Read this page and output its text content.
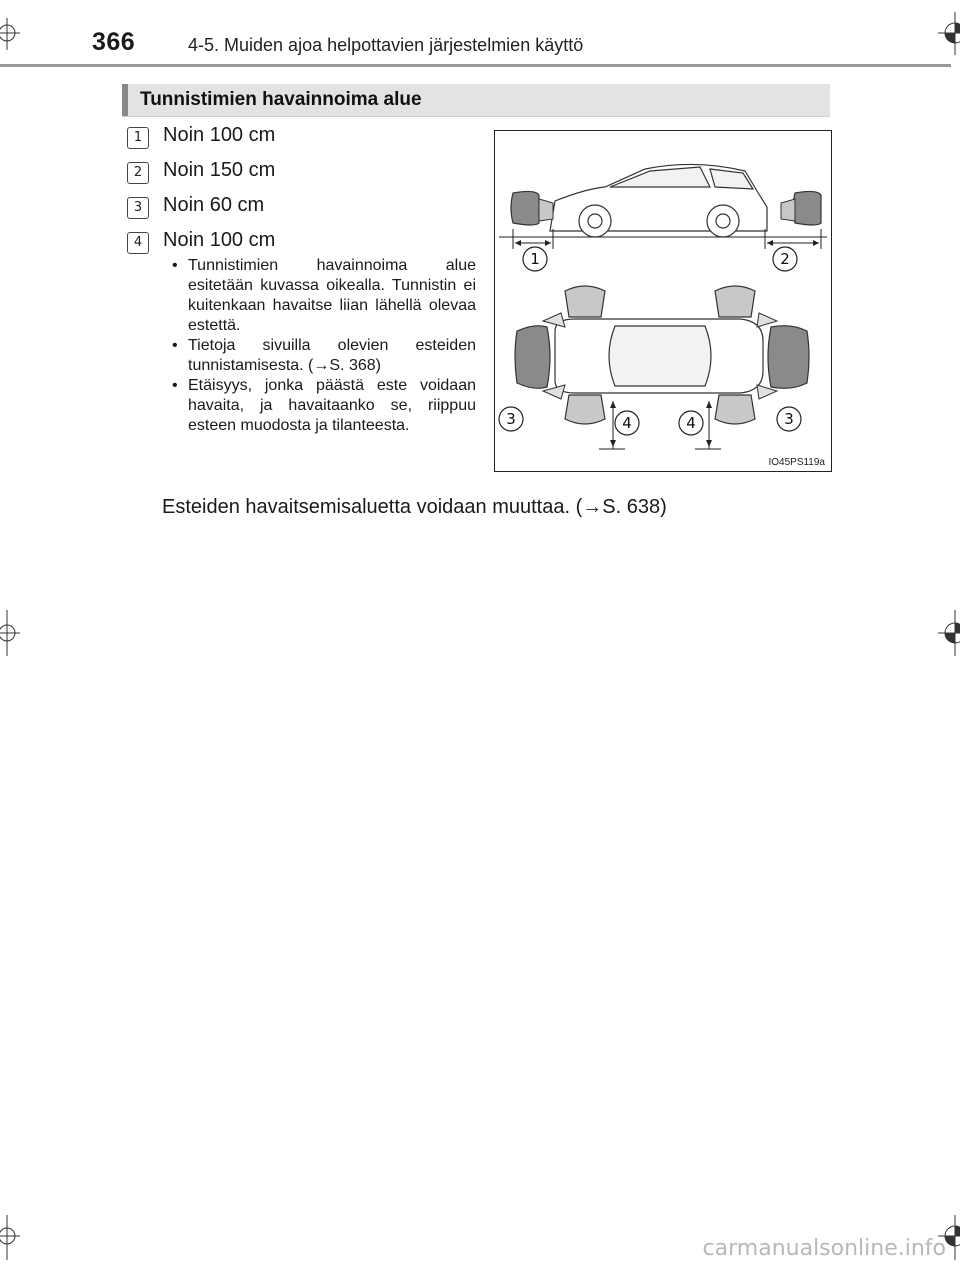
366	4-5. Muiden ajoa helpottavien järjestelmien käyttö
Tunnistimien havainnoima alue
1	Noin 100 cm
2	Noin 150 cm
3	Noin 60 cm
4	Noin 100 cm
• Tunnistimien havainnoima alue esitetään kuvassa oikealla. Tunnistin ei kuitenkaan havaitse liian lähellä olevaa estettä.
• Tietoja sivuilla olevien esteiden tunnistamisesta. (→S. 368)
• Etäisyys, jonka päästä este voidaan havaita, ja havaitaanko se, riippuu esteen muodosta ja tilanteesta.
Esteiden havaitsemisaluetta voidaan muuttaa. (→S. 638)
1	2
3	4	4	3
IO45PS119a
carmanualsonline.info
